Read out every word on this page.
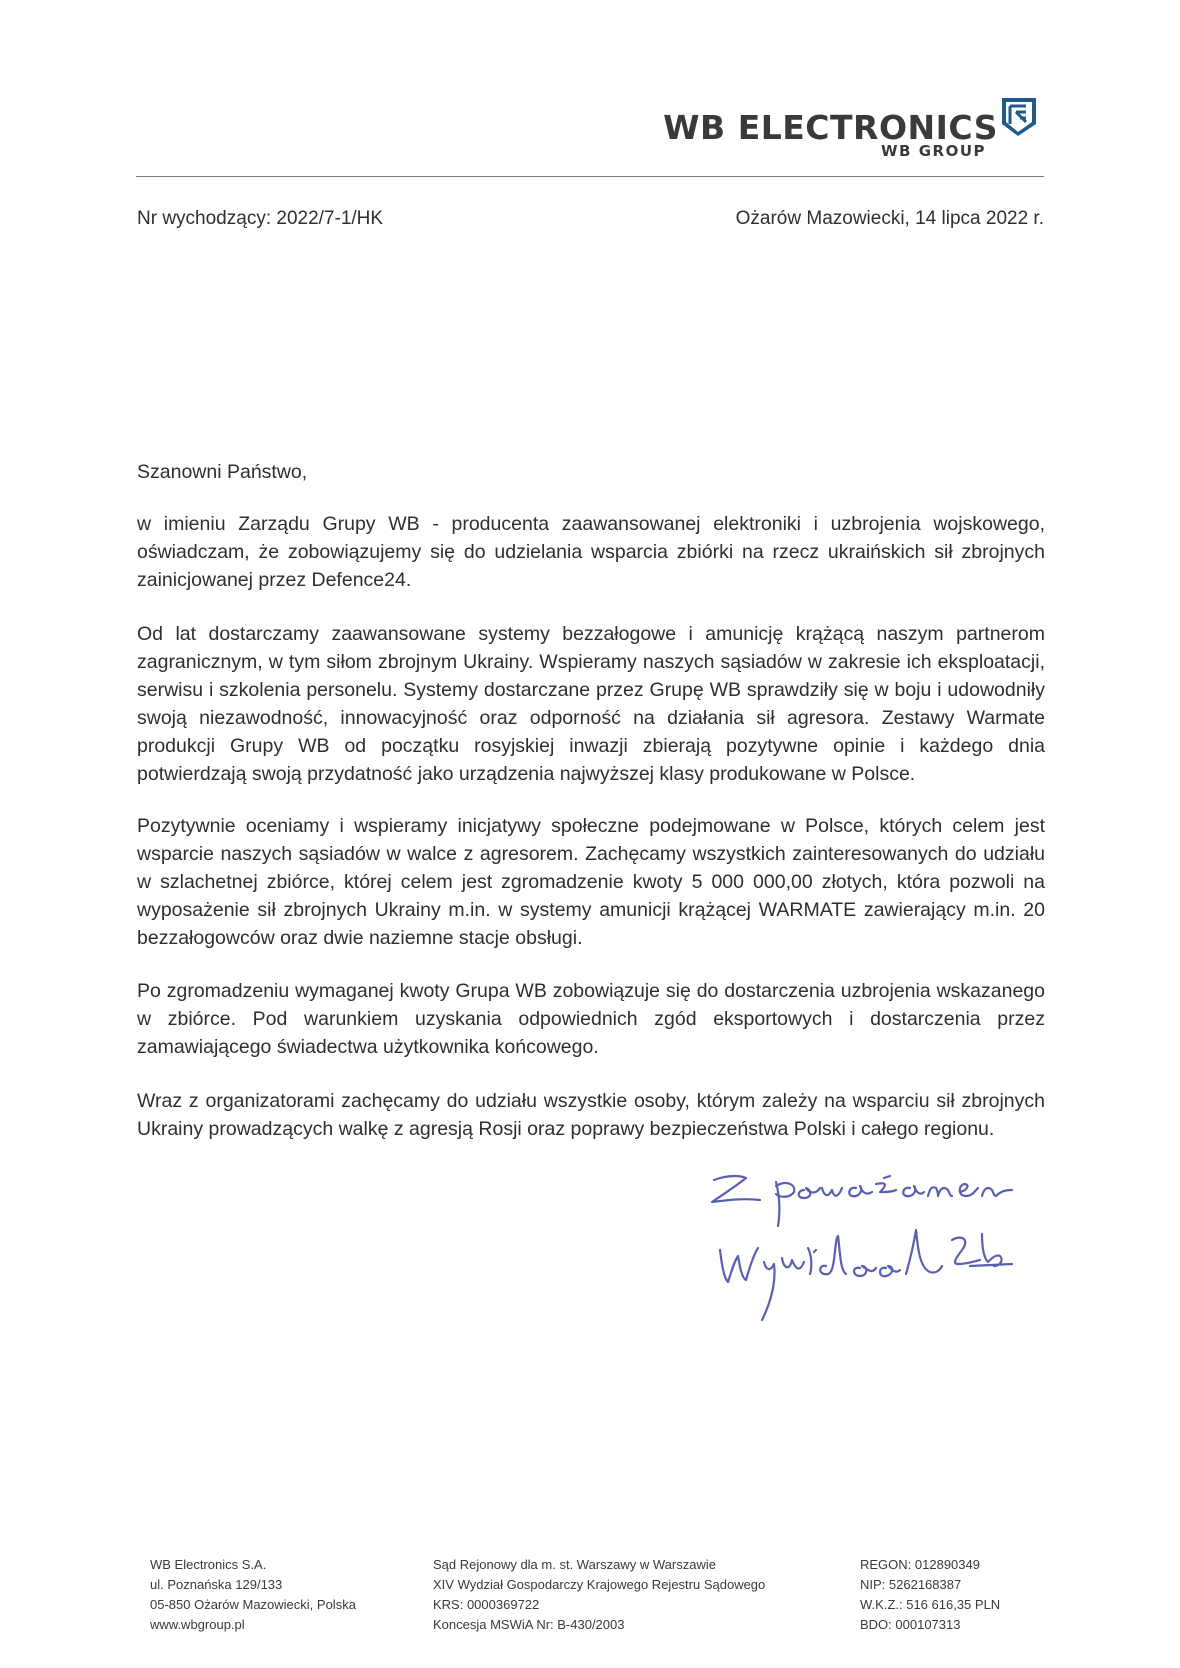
WB ELECTRONICS
WB GROUP
Nr wychodzący: 2022/7-1/HK	Ożarów Mazowiecki, 14 lipca 2022 r.
Szanowni Państwo,
w imieniu Zarządu Grupy WB - producenta zaawansowanej elektroniki i uzbrojenia wojskowego, oświadczam, że zobowiązujemy się do udzielania wsparcia zbiórki na rzecz ukraińskich sił zbrojnych zainicjowanej przez Defence24.
Od lat dostarczamy zaawansowane systemy bezzałogowe i amunicję krążącą naszym partnerom zagranicznym, w tym siłom zbrojnym Ukrainy. Wspieramy naszych sąsiadów w zakresie ich eksploatacji, serwisu i szkolenia personelu. Systemy dostarczane przez Grupę WB sprawdziły się w boju i udowodniły swoją niezawodność, innowacyjność oraz odporność na działania sił agresora. Zestawy Warmate produkcji Grupy WB od początku rosyjskiej inwazji zbierają pozytywne opinie i każdego dnia potwierdzają swoją przydatność jako urządzenia najwyższej klasy produkowane w Polsce.
Pozytywnie oceniamy i wspieramy inicjatywy społeczne podejmowane w Polsce, których celem jest wsparcie naszych sąsiadów w walce z agresorem. Zachęcamy wszystkich zainteresowanych do udziału w szlachetnej zbiórce, której celem jest zgromadzenie kwoty 5 000 000,00 złotych, która pozwoli na wyposażenie sił zbrojnych Ukrainy m.in. w systemy amunicji krążącej WARMATE zawierający m.in. 20 bezzałogowców oraz dwie naziemne stacje obsługi.
Po zgromadzeniu wymaganej kwoty Grupa WB zobowiązuje się do dostarczenia uzbrojenia wskazanego w zbiórce. Pod warunkiem uzyskania odpowiednich zgód eksportowych i dostarczenia przez zamawiającego świadectwa użytkownika końcowego.
Wraz z organizatorami zachęcamy do udziału wszystkie osoby, którym zależy na wsparciu sił zbrojnych Ukrainy prowadzących walkę z agresją Rosji oraz poprawy bezpieczeństwa Polski i całego regionu.
WB Electronics S.A.
ul. Poznańska 129/133
05-850 Ożarów Mazowiecki, Polska
www.wbgroup.pl
Sąd Rejonowy dla m. st. Warszawy w Warszawie
XIV Wydział Gospodarczy Krajowego Rejestru Sądowego
KRS: 0000369722
Koncesja MSWiA Nr: B-430/2003
REGON: 012890349
NIP: 5262168387
W.K.Z.: 516 616,35 PLN
BDO: 000107313
